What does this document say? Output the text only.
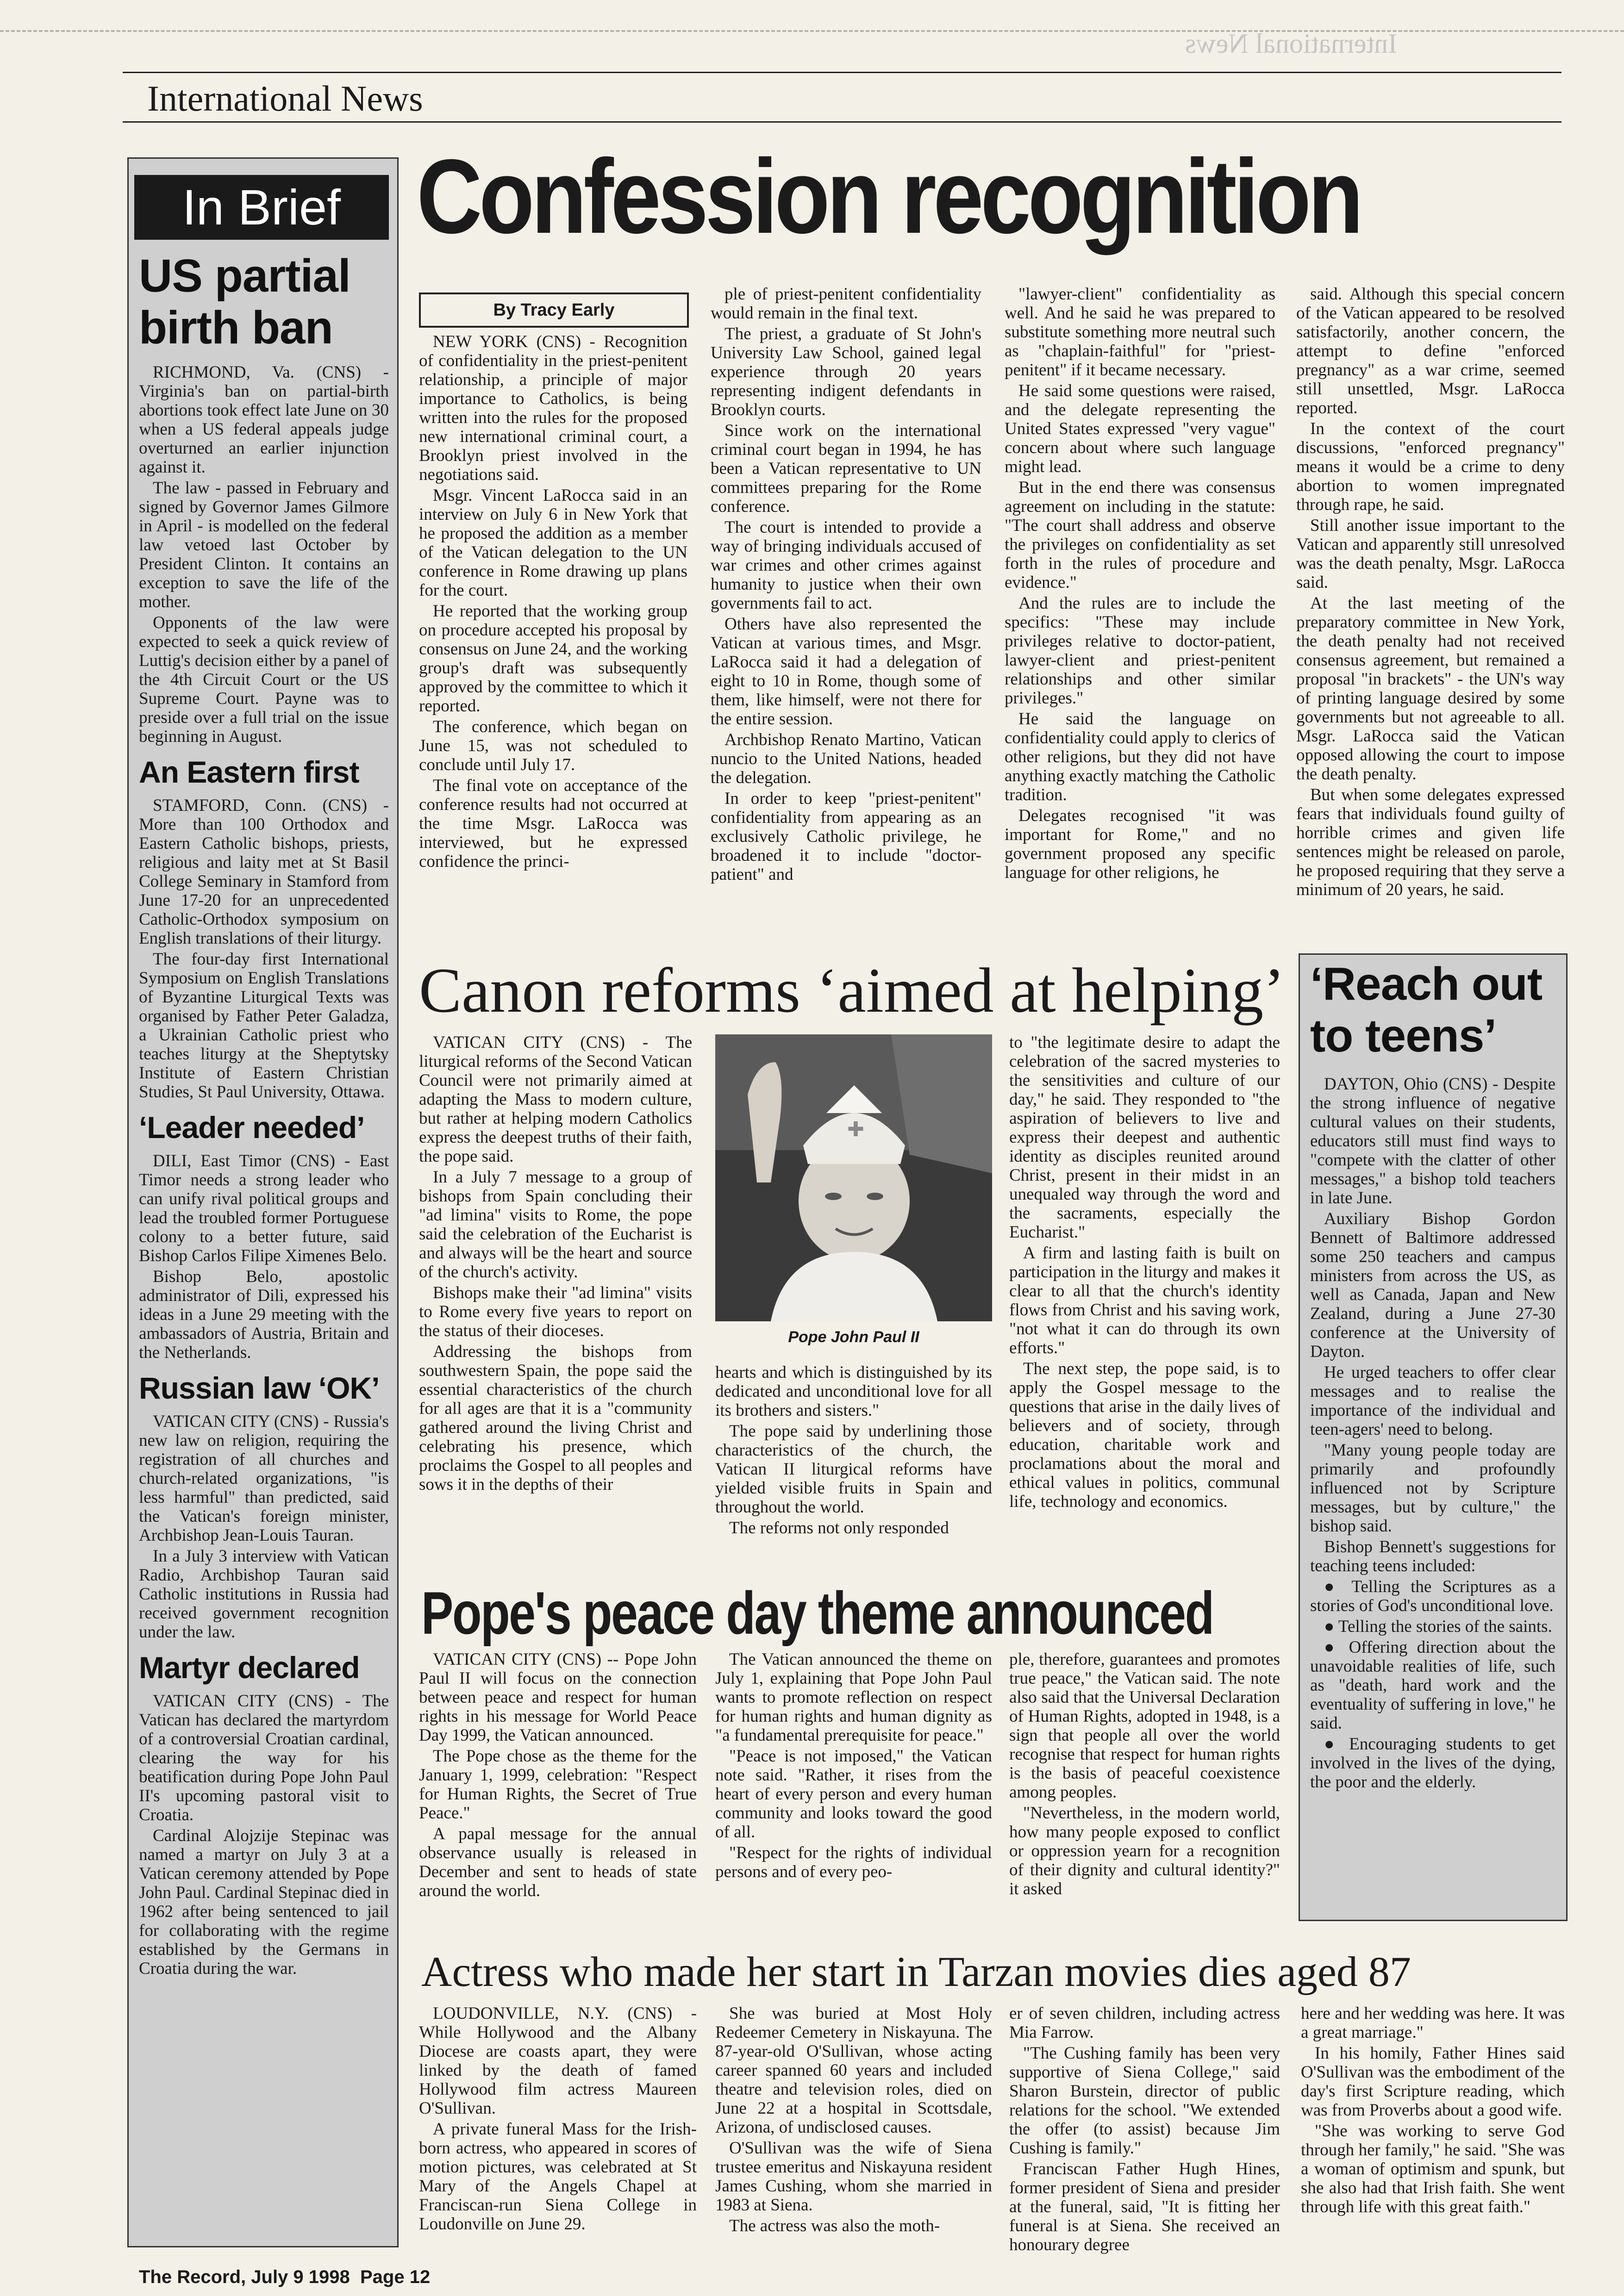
International News
International News
In Brief
US partial birth ban

RICHMOND, Va. (CNS) - Virginia's ban on partial-birth abortions took effect late June on 30 when a US federal appeals judge overturned an earlier injunction against it.

The law - passed in February and signed by Governor James Gilmore in April - is modelled on the federal law vetoed last October by President Clinton. It contains an exception to save the life of the mother.

Opponents of the law were expected to seek a quick review of Luttig's decision either by a panel of the 4th Circuit Court or the US Supreme Court. Payne was to preside over a full trial on the issue beginning in August.

An Eastern first

STAMFORD, Conn. (CNS) - More than 100 Orthodox and Eastern Catholic bishops, priests, religious and laity met at St Basil College Seminary in Stamford from June 17-20 for an unprecedented Catholic-Orthodox symposium on English translations of their liturgy.

The four-day first International Symposium on English Translations of Byzantine Liturgical Texts was organised by Father Peter Galadza, a Ukrainian Catholic priest who teaches liturgy at the Sheptytsky Institute of Eastern Christian Studies, St Paul University, Ottawa.

‘Leader needed’

DILI, East Timor (CNS) - East Timor needs a strong leader who can unify rival political groups and lead the troubled former Portuguese colony to a better future, said Bishop Carlos Filipe Ximenes Belo.

Bishop Belo, apostolic administrator of Dili, expressed his ideas in a June 29 meeting with the ambassadors of Austria, Britain and the Netherlands.

Russian law ‘OK’

VATICAN CITY (CNS) - Russia's new law on religion, requiring the registration of all churches and church-related organizations, "is less harmful" than predicted, said the Vatican's foreign minister, Archbishop Jean-Louis Tauran.

In a July 3 interview with Vatican Radio, Archbishop Tauran said Catholic institutions in Russia had received government recognition under the law.

Martyr declared

VATICAN CITY (CNS) - The Vatican has declared the martyrdom of a controversial Croatian cardinal, clearing the way for his beatification during Pope John Paul II's upcoming pastoral visit to Croatia.

Cardinal Alojzije Stepinac was named a martyr on July 3 at a Vatican ceremony attended by Pope John Paul. Cardinal Stepinac died in 1962 after being sentenced to jail for collaborating with the regime established by the Germans in Croatia during the war.

Confession recognition
By Tracy Early

NEW YORK (CNS) - Recognition of confidentiality in the priest-penitent relationship, a principle of major importance to Catholics, is being written into the rules for the proposed new international criminal court, a Brooklyn priest involved in the negotiations said.

Msgr. Vincent LaRocca said in an interview on July 6 in New York that he proposed the addition as a member of the Vatican delegation to the UN conference in Rome drawing up plans for the court.

He reported that the working group on procedure accepted his proposal by consensus on June 24, and the working group's draft was subsequently approved by the committee to which it reported.

The conference, which began on June 15, was not scheduled to conclude until July 17.

The final vote on acceptance of the conference results had not occurred at the time Msgr. LaRocca was interviewed, but he expressed confidence the princi-

ple of priest-penitent confidentiality would remain in the final text.

The priest, a graduate of St John's University Law School, gained legal experience through 20 years representing indigent defendants in Brooklyn courts.

Since work on the international criminal court began in 1994, he has been a Vatican representative to UN committees preparing for the Rome conference.

The court is intended to provide a way of bringing individuals accused of war crimes and other crimes against humanity to justice when their own governments fail to act.

Others have also represented the Vatican at various times, and Msgr. LaRocca said it had a delegation of eight to 10 in Rome, though some of them, like himself, were not there for the entire session.

Archbishop Renato Martino, Vatican nuncio to the United Nations, headed the delegation.

In order to keep "priest-penitent" confidentiality from appearing as an exclusively Catholic privilege, he broadened it to include "doctor-patient" and

"lawyer-client" confidentiality as well. And he said he was prepared to substitute something more neutral such as "chaplain-faithful" for "priest-penitent" if it became necessary.

He said some questions were raised, and the delegate representing the United States expressed "very vague" concern about where such language might lead.

But in the end there was consensus agreement on including in the statute: "The court shall address and observe the privileges on confidentiality as set forth in the rules of procedure and evidence."

And the rules are to include the specifics: "These may include privileges relative to doctor-patient, lawyer-client and priest-penitent relationships and other similar privileges."

He said the language on confidentiality could apply to clerics of other religions, but they did not have anything exactly matching the Catholic tradition.

Delegates recognised "it was important for Rome," and no government proposed any specific language for other religions, he

said. Although this special concern of the Vatican appeared to be resolved satisfactorily, another concern, the attempt to define "enforced pregnancy" as a war crime, seemed still unsettled, Msgr. LaRocca reported.

In the context of the court discussions, "enforced pregnancy" means it would be a crime to deny abortion to women impregnated through rape, he said.

Still another issue important to the Vatican and apparently still unresolved was the death penalty, Msgr. LaRocca said.

At the last meeting of the preparatory committee in New York, the death penalty had not received consensus agreement, but remained a proposal "in brackets" - the UN's way of printing language desired by some governments but not agreeable to all. Msgr. LaRocca said the Vatican opposed allowing the court to impose the death penalty.

But when some delegates expressed fears that individuals found guilty of horrible crimes and given life sentences might be released on parole, he proposed requiring that they serve a minimum of 20 years, he said.

Canon reforms ‘aimed at helping’

VATICAN CITY (CNS) - The liturgical reforms of the Second Vatican Council were not primarily aimed at adapting the Mass to modern culture, but rather at helping modern Catholics express the deepest truths of their faith, the pope said.

In a July 7 message to a group of bishops from Spain concluding their "ad limina" visits to Rome, the pope said the celebration of the Eucharist is and always will be the heart and source of the church's activity.

Bishops make their "ad limina" visits to Rome every five years to report on the status of their dioceses.

Addressing the bishops from southwestern Spain, the pope said the essential characteristics of the church for all ages are that it is a "community gathered around the living Christ and celebrating his presence, which proclaims the Gospel to all peoples and sows it in the depths of their

✚
Pope John Paul II

hearts and which is distinguished by its dedicated and unconditional love for all its brothers and sisters."

The pope said by underlining those characteristics of the church, the Vatican II liturgical reforms have yielded visible fruits in Spain and throughout the world.

The reforms not only responded

to "the legitimate desire to adapt the celebration of the sacred mysteries to the sensitivities and culture of our day," he said. They responded to "the aspiration of believers to live and express their deepest and authentic identity as disciples reunited around Christ, present in their midst in an unequaled way through the word and the sacraments, especially the Eucharist."

A firm and lasting faith is built on participation in the liturgy and makes it clear to all that the church's identity flows from Christ and his saving work, "not what it can do through its own efforts."

The next step, the pope said, is to apply the Gospel message to the questions that arise in the daily lives of believers and of society, through education, charitable work and proclamations about the moral and ethical values in politics, communal life, technology and economics.

‘Reach out to teens’

DAYTON, Ohio (CNS) - Despite the strong influence of negative cultural values on their students, educators still must find ways to "compete with the clatter of other messages," a bishop told teachers in late June.

Auxiliary Bishop Gordon Bennett of Baltimore addressed some 250 teachers and campus ministers from across the US, as well as Canada, Japan and New Zealand, during a June 27-30 conference at the University of Dayton.

He urged teachers to offer clear messages and to realise the importance of the individual and teen-agers' need to belong.

"Many young people today are primarily and profoundly influenced not by Scripture messages, but by culture," the bishop said.

Bishop Bennett's suggestions for teaching teens included:

● Telling the Scriptures as a stories of God's unconditional love.

● Telling the stories of the saints.

● Offering direction about the unavoidable realities of life, such as "death, hard work and the eventuality of suffering in love," he said.

● Encouraging students to get involved in the lives of the dying, the poor and the elderly.

Pope's peace day theme announced

VATICAN CITY (CNS) -- Pope John Paul II will focus on the connection between peace and respect for human rights in his message for World Peace Day 1999, the Vatican announced.

The Pope chose as the theme for the January 1, 1999, celebration: "Respect for Human Rights, the Secret of True Peace."

A papal message for the annual observance usually is released in December and sent to heads of state around the world.

The Vatican announced the theme on July 1, explaining that Pope John Paul wants to promote reflection on respect for human rights and human dignity as "a fundamental prerequisite for peace."

"Peace is not imposed," the Vatican note said. "Rather, it rises from the heart of every person and every human community and looks toward the good of all.

"Respect for the rights of individual persons and of every peo-

ple, therefore, guarantees and promotes true peace," the Vatican said. The note also said that the Universal Declaration of Human Rights, adopted in 1948, is a sign that people all over the world recognise that respect for human rights is the basis of peaceful coexistence among peoples.

"Nevertheless, in the modern world, how many people exposed to conflict or oppression yearn for a recognition of their dignity and cultural identity?" it asked

Actress who made her start in Tarzan movies dies aged 87

LOUDONVILLE, N.Y. (CNS) - While Hollywood and the Albany Diocese are coasts apart, they were linked by the death of famed Hollywood film actress Maureen O'Sullivan.

A private funeral Mass for the Irish-born actress, who appeared in scores of motion pictures, was celebrated at St Mary of the Angels Chapel at Franciscan-run Siena College in Loudonville on June 29.

She was buried at Most Holy Redeemer Cemetery in Niskayuna. The 87-year-old O'Sullivan, whose acting career spanned 60 years and included theatre and television roles, died on June 22 at a hospital in Scottsdale, Arizona, of undisclosed causes.

O'Sullivan was the wife of Siena trustee emeritus and Niskayuna resident James Cushing, whom she married in 1983 at Siena.

The actress was also the moth-

er of seven children, including actress Mia Farrow.

"The Cushing family has been very supportive of Siena College," said Sharon Burstein, director of public relations for the school. "We extended the offer (to assist) because Jim Cushing is family."

Franciscan Father Hugh Hines, former president of Siena and presider at the funeral, said, "It is fitting her funeral is at Siena. She received an honourary degree

here and her wedding was here. It was a great marriage."

In his homily, Father Hines said O'Sullivan was the embodiment of the day's first Scripture reading, which was from Proverbs about a good wife.

"She was working to serve God through her family," he said. "She was a woman of optimism and spunk, but she also had that Irish faith. She went through life with this great faith."

The Record, July 9 1998  Page 12
